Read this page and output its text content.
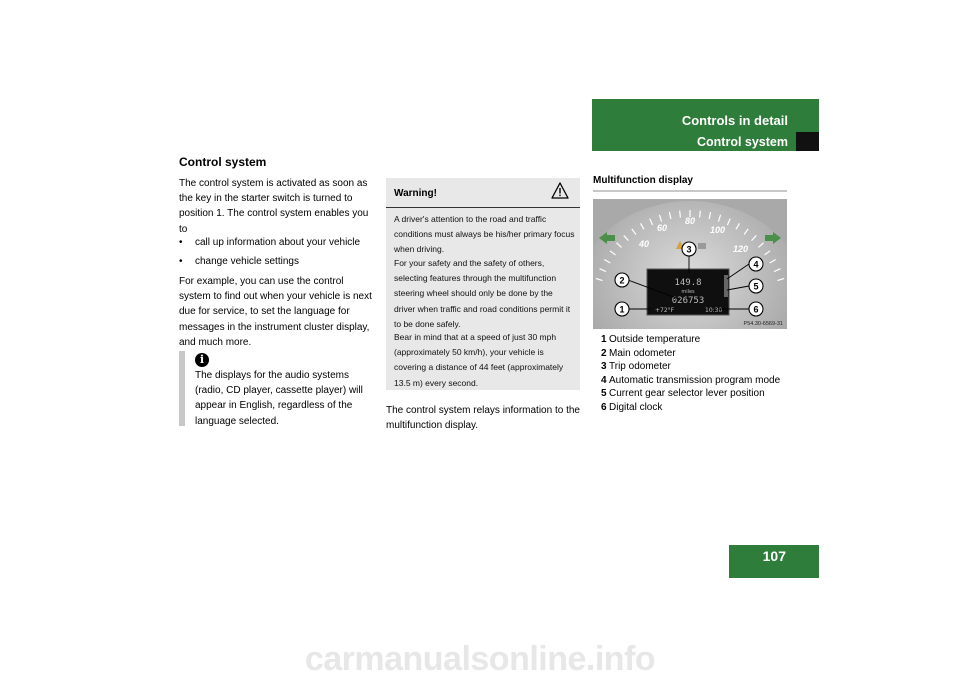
Controls in detail
Control system
107
Control system
The control system is activated as soon as the key in the starter switch is turned to position 1. The control system enables you to
• call up information about your vehicle
• change vehicle settings
For example, you can use the control system to find out when your vehicle is next due for service, to set the language for messages in the instrument cluster display, and much more.
i
The displays for the audio systems (radio, CD player, cassette player) will appear in English, regardless of the language selected.
Warning!
A driver's attention to the road and traffic conditions must always be his/her primary focus when driving.
For your safety and the safety of others, selecting features through the multifunction steering wheel should only be done by the driver when traffic and road conditions permit it to be done safely.
Bear in mind that at a speed of just 30 mph (approximately 50 km/h), your vehicle is covering a distance of 44 feet (approximately 13.5 m) every second.
The control system relays information to the multifunction display.
Multifunction display
40
60
80
100
120
149.8
miles
026753
+72°F	10:30
3
2
1
4
5
6
P54.30-6569-31
1 Outside temperature
2 Main odometer
3 Trip odometer
4 Automatic transmission program mode
5 Current gear selector lever position
6 Digital clock
carmanualsonline.info
